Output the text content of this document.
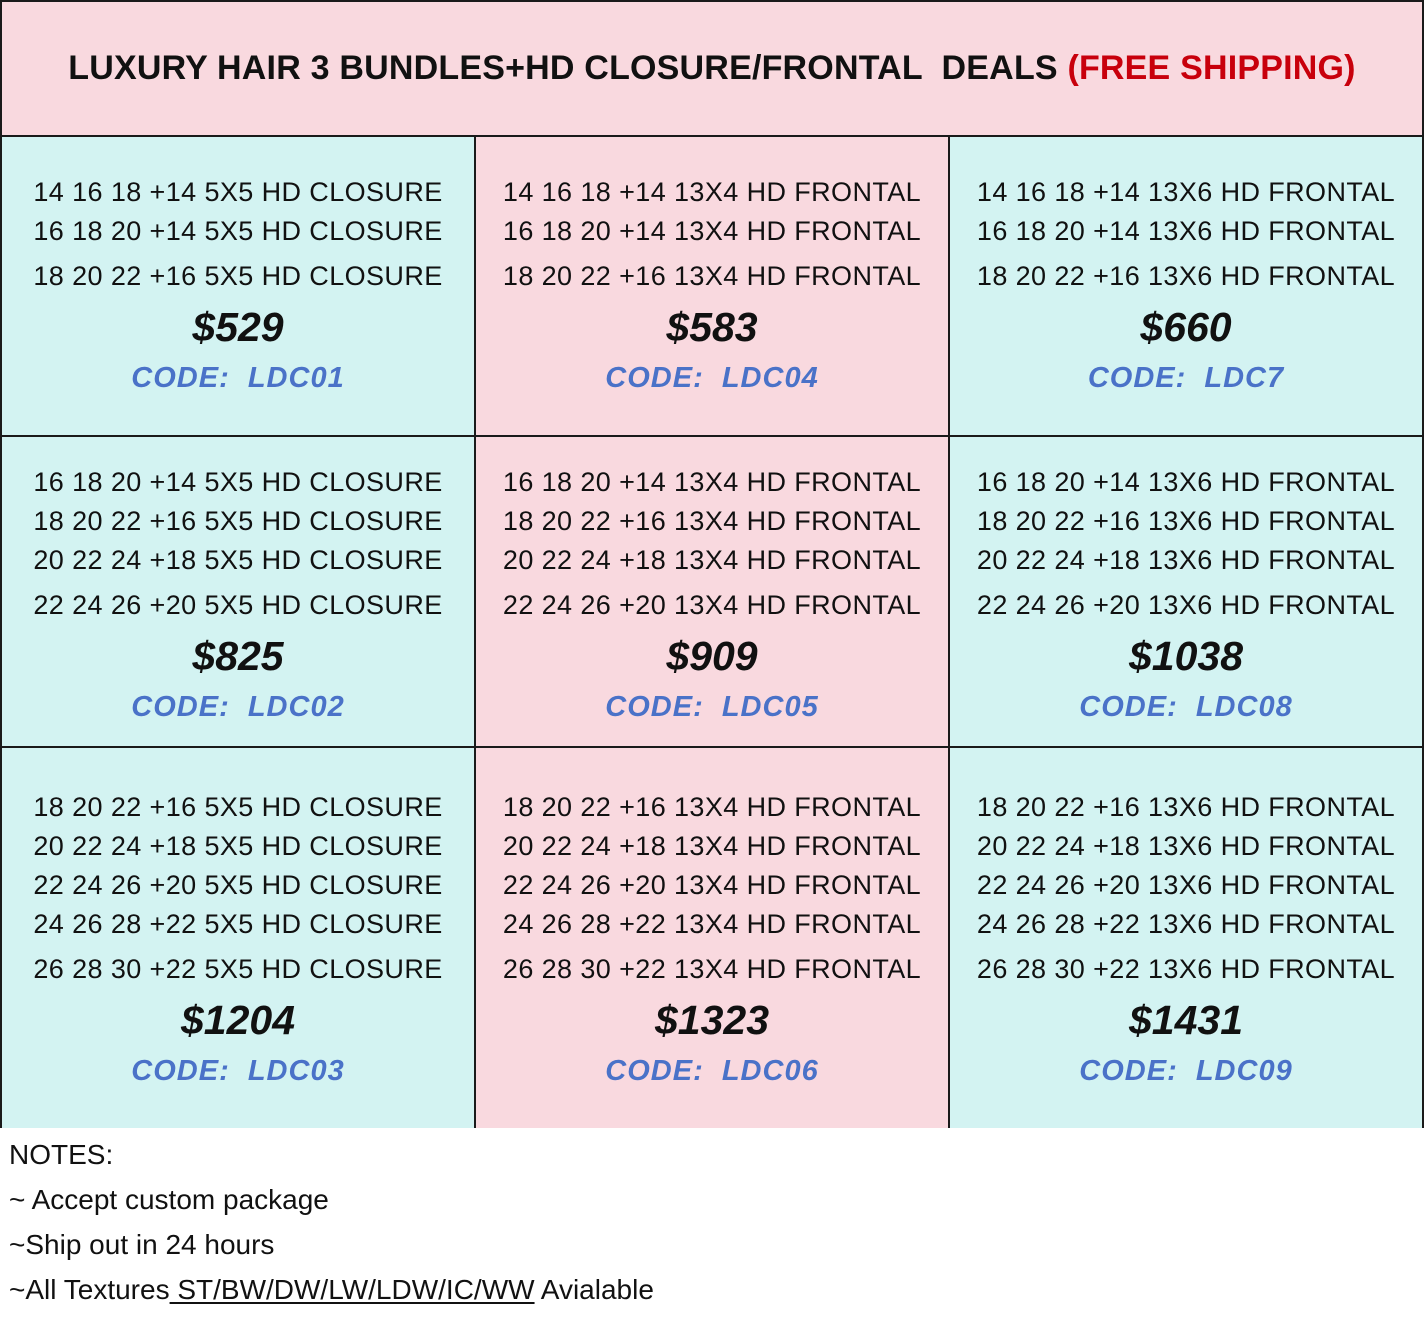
LUXURY HAIR 3 BUNDLES+HD CLOSURE/FRONTAL  DEALS (FREE SHIPPING)
14 16 18 +14 5X5 HD CLOSURE
16 18 20 +14 5X5 HD CLOSURE
18 20 22 +16 5X5 HD CLOSURE
$529
CODE:  LDC01
14 16 18 +14 13X4 HD FRONTAL
16 18 20 +14 13X4 HD FRONTAL
18 20 22 +16 13X4 HD FRONTAL
$583
CODE:  LDC04
14 16 18 +14 13X6 HD FRONTAL
16 18 20 +14 13X6 HD FRONTAL
18 20 22 +16 13X6 HD FRONTAL
$660
CODE:  LDC7
16 18 20 +14 5X5 HD CLOSURE
18 20 22 +16 5X5 HD CLOSURE
20 22 24 +18 5X5 HD CLOSURE
22 24 26 +20 5X5 HD CLOSURE
$825
CODE:  LDC02
16 18 20 +14 13X4 HD FRONTAL
18 20 22 +16 13X4 HD FRONTAL
20 22 24 +18 13X4 HD FRONTAL
22 24 26 +20 13X4 HD FRONTAL
$909
CODE:  LDC05
16 18 20 +14 13X6 HD FRONTAL
18 20 22 +16 13X6 HD FRONTAL
20 22 24 +18 13X6 HD FRONTAL
22 24 26 +20 13X6 HD FRONTAL
$1038
CODE:  LDC08
18 20 22 +16 5X5 HD CLOSURE
20 22 24 +18 5X5 HD CLOSURE
22 24 26 +20 5X5 HD CLOSURE
24 26 28 +22 5X5 HD CLOSURE
26 28 30 +22 5X5 HD CLOSURE
$1204
CODE:  LDC03
18 20 22 +16 13X4 HD FRONTAL
20 22 24 +18 13X4 HD FRONTAL
22 24 26 +20 13X4 HD FRONTAL
24 26 28 +22 13X4 HD FRONTAL
26 28 30 +22 13X4 HD FRONTAL
$1323
CODE:  LDC06
18 20 22 +16 13X6 HD FRONTAL
20 22 24 +18 13X6 HD FRONTAL
22 24 26 +20 13X6 HD FRONTAL
24 26 28 +22 13X6 HD FRONTAL
26 28 30 +22 13X6 HD FRONTAL
$1431
CODE:  LDC09
NOTES:
~ Accept custom package
~Ship out in 24 hours
~All Textures ST/BW/DW/LW/LDW/IC/WW Avialable
